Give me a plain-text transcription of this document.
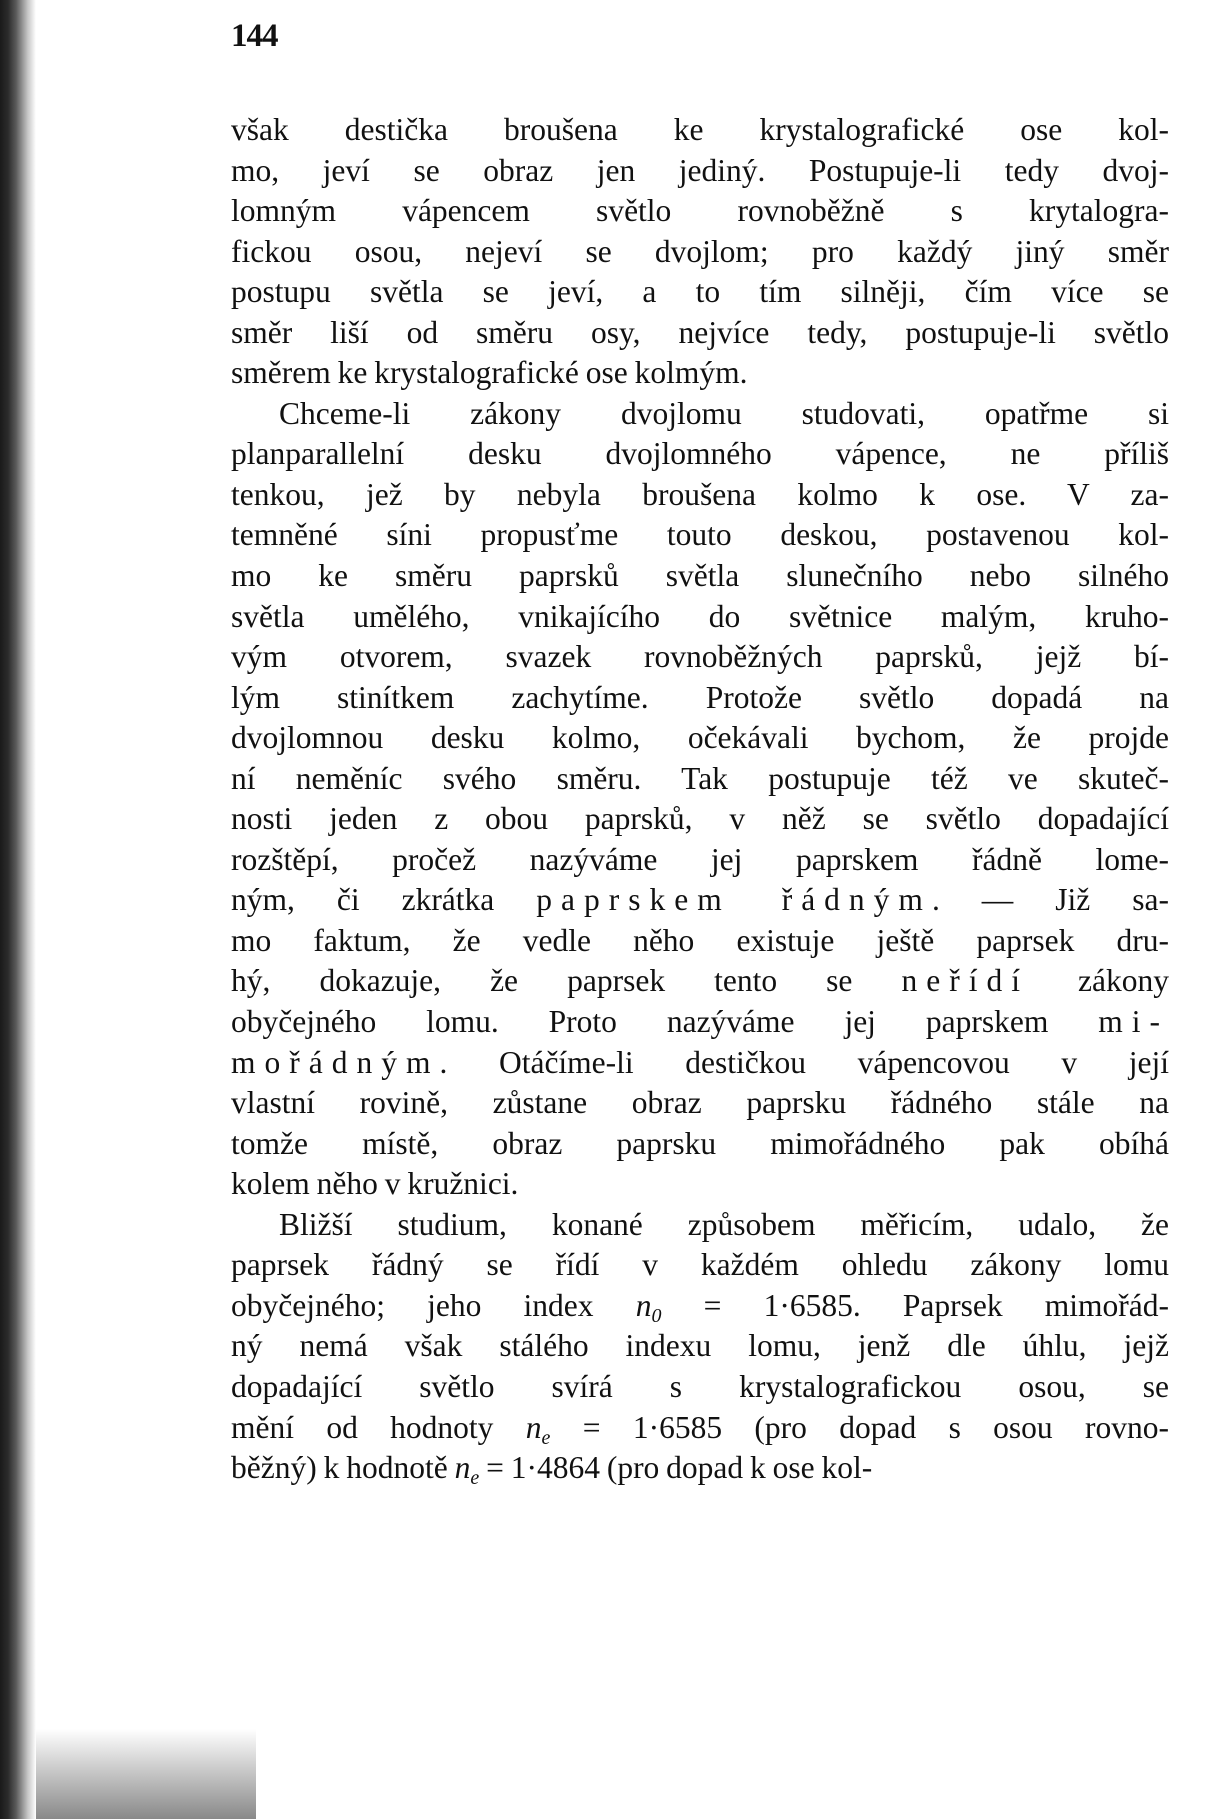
144
však destička broušena ke krystalografické ose kol-
mo, jeví se obraz jen jediný. Postupuje-li tedy dvoj-
lomným vápencem světlo rovnoběžně s krytalogra-
fickou osou, nejeví se dvojlom; pro každý jiný směr
postupu světla se jeví, a to tím silněji, čím více se
směr liší od směru osy, nejvíce tedy, postupuje-li světlo
směrem ke krystalografické ose kolmým.
Chceme-li zákony dvojlomu studovati, opatřme si
planparallelní desku dvojlomného vápence, ne příliš
tenkou, jež by nebyla broušena kolmo k ose. V za-
temněné síni propusťme touto deskou, postavenou kol-
mo ke směru paprsků světla slunečního nebo silného
světla umělého, vnikajícího do světnice malým, kruho-
vým otvorem, svazek rovnoběžných paprsků, jejž bí-
lým stinítkem zachytíme. Protože světlo dopadá na
dvojlomnou desku kolmo, očekávali bychom, že projde
ní neměníc svého směru. Tak postupuje též ve skuteč-
nosti jeden z obou paprsků, v něž se světlo dopadající
rozštěpí, pročež nazýváme jej paprskem řádně lome-
ným, či zkrátka paprskem řádným. — Již sa-
mo faktum, že vedle něho existuje ještě paprsek dru-
hý, dokazuje, že paprsek tento se neřídí zákony
obyčejného lomu. Proto nazýváme jej paprskem mi-
mořádným. Otáčíme-li destičkou vápencovou v její
vlastní rovině, zůstane obraz paprsku řádného stále na
tomže místě, obraz paprsku mimořádného pak obíhá
kolem něho v kružnici.
Bližší studium, konané způsobem měřicím, udalo, že
paprsek řádný se řídí v každém ohledu zákony lomu
obyčejného; jeho index $n_0 = 1\cdot 6585$. Paprsek mimořád-
ný nemá však stálého indexu lomu, jenž dle úhlu, jejž
dopadající světlo svírá s krystalografickou osou, se
mění od hodnoty $n_e = 1\cdot 6585$ (pro dopad s osou rovno-
běžný) k hodnotě $n_e = 1\cdot 4864$ (pro dopad k ose kol-
